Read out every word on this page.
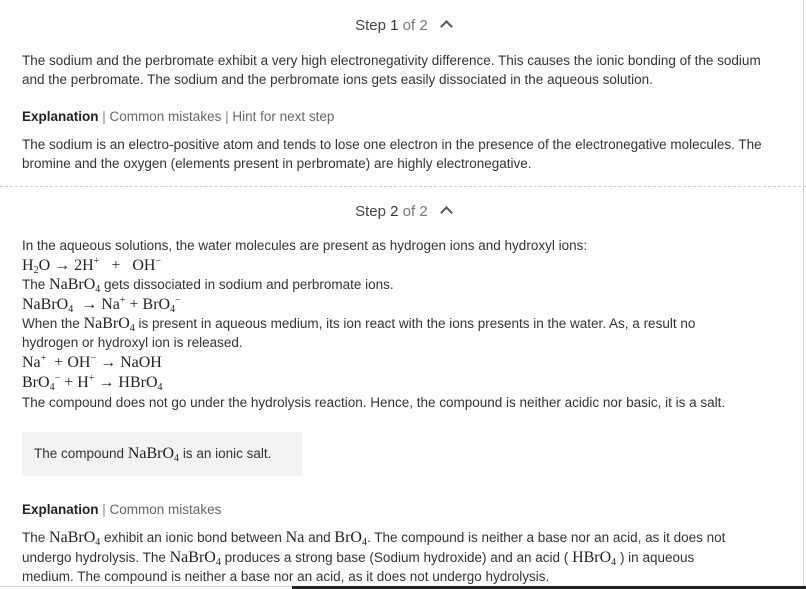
Step 1 of 2
The sodium and the perbromate exhibit a very high electronegativity difference. This causes the ionic bonding of the sodium and the perbromate. The sodium and the perbromate ions gets easily dissociated in the aqueous solution.
Explanation | Common mistakes | Hint for next step
The sodium is an electro-positive atom and tends to lose one electron in the presence of the electronegative molecules. The bromine and the oxygen (elements present in perbromate) are highly electronegative.
Step 2 of 2
In the aqueous solutions, the water molecules are present as hydrogen ions and hydroxyl ions:
$H_2O \to 2H^+ + OH^-$
The NaBrO$_4$ gets dissociated in sodium and perbromate ions.
NaBrO$_4$  → Na+ + BrO$_4$−
When the NaBrO$_4$ is present in aqueous medium, its ion react with the ions presents in the water. As, a result no
hydrogen or hydroxyl ion is released.
Na+  + OH− → NaOH
BrO$_4$− + H+ → HBrO$_4$
The compound does not go under the hydrolysis reaction. Hence, the compound is neither acidic nor basic, it is a salt.
The compound NaBrO$_4$ is an ionic salt.
Explanation | Common mistakes
The NaBrO$_4$ exhibit an ionic bond between Na and BrO$_4$. The compound is neither a base nor an acid, as it does not
undergo hydrolysis. The NaBrO$_4$ produces a strong base (Sodium hydroxide) and an acid ( HBrO$_4$ ) in aqueous
medium. The compound is neither a base nor an acid, as it does not undergo hydrolysis.
